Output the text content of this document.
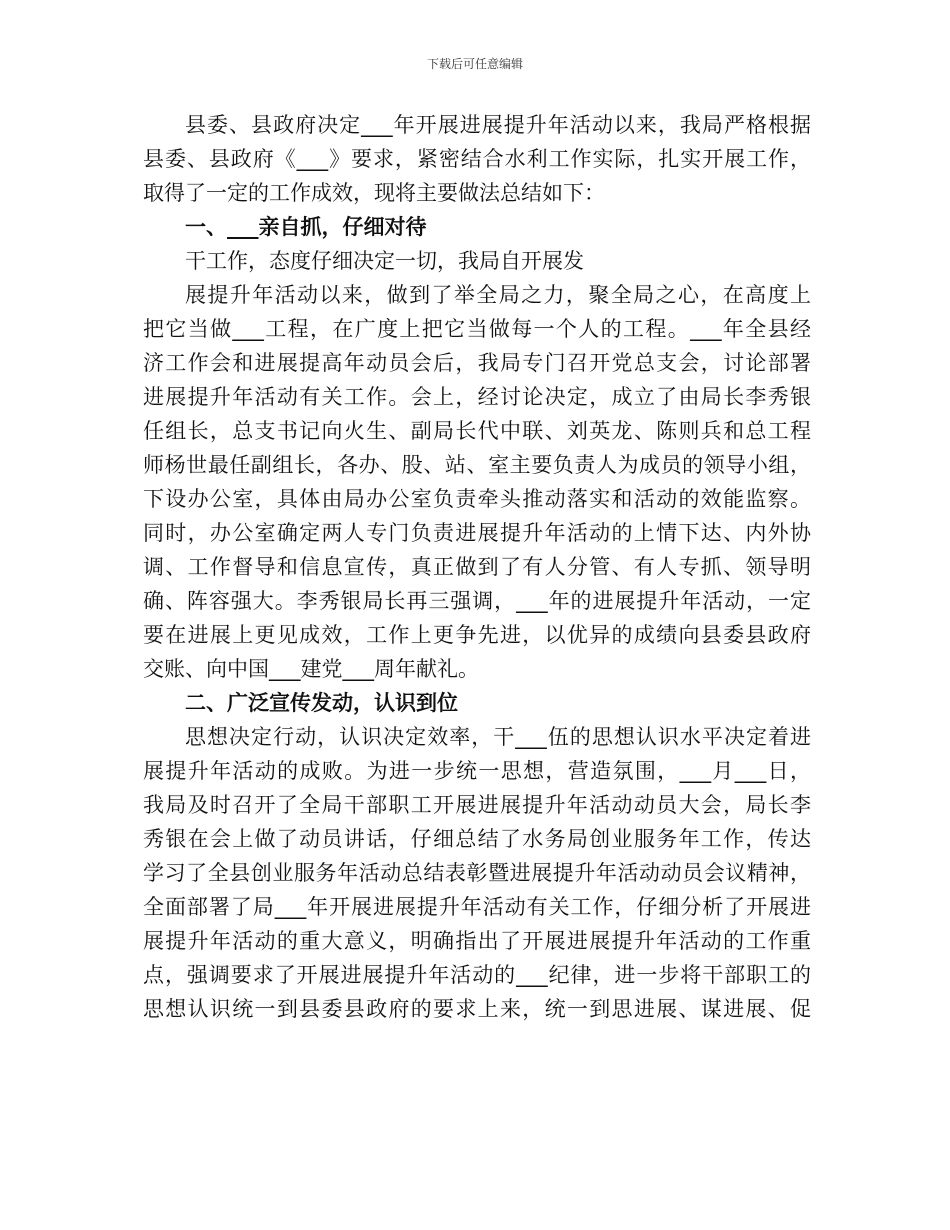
下载后可任意编辑
县委、县政府决定___年开展进展提升年活动以来，我局严格根据
县委、县政府《___》要求，紧密结合水利工作实际，扎实开展工作，
取得了一定的工作成效，现将主要做法总结如下：
一、___亲自抓，仔细对待
干工作，态度仔细决定一切，我局自开展发
展提升年活动以来，做到了举全局之力，聚全局之心，在高度上
把它当做___工程，在广度上把它当做每一个人的工程。___年全县经
济工作会和进展提高年动员会后，我局专门召开党总支会，讨论部署
进展提升年活动有关工作。会上，经讨论决定，成立了由局长李秀银
任组长，总支书记向火生、副局长代中联、刘英龙、陈则兵和总工程
师杨世最任副组长，各办、股、站、室主要负责人为成员的领导小组，
下设办公室，具体由局办公室负责牵头推动落实和活动的效能监察。
同时，办公室确定两人专门负责进展提升年活动的上情下达、内外协
调、工作督导和信息宣传，真正做到了有人分管、有人专抓、领导明
确、阵容强大。李秀银局长再三强调，___年的进展提升年活动，一定
要在进展上更见成效，工作上更争先进，以优异的成绩向县委县政府
交账、向中国___建党___周年献礼。
二、广泛宣传发动，认识到位
思想决定行动，认识决定效率，干___伍的思想认识水平决定着进
展提升年活动的成败。为进一步统一思想，营造氛围，___月___日，
我局及时召开了全局干部职工开展进展提升年活动动员大会，局长李
秀银在会上做了动员讲话，仔细总结了水务局创业服务年工作，传达
学习了全县创业服务年活动总结表彰暨进展提升年活动动员会议精神，
全面部署了局___年开展进展提升年活动有关工作，仔细分析了开展进
展提升年活动的重大意义，明确指出了开展进展提升年活动的工作重
点，强调要求了开展进展提升年活动的___纪律，进一步将干部职工的
思想认识统一到县委县政府的要求上来，统一到思进展、谋进展、促
